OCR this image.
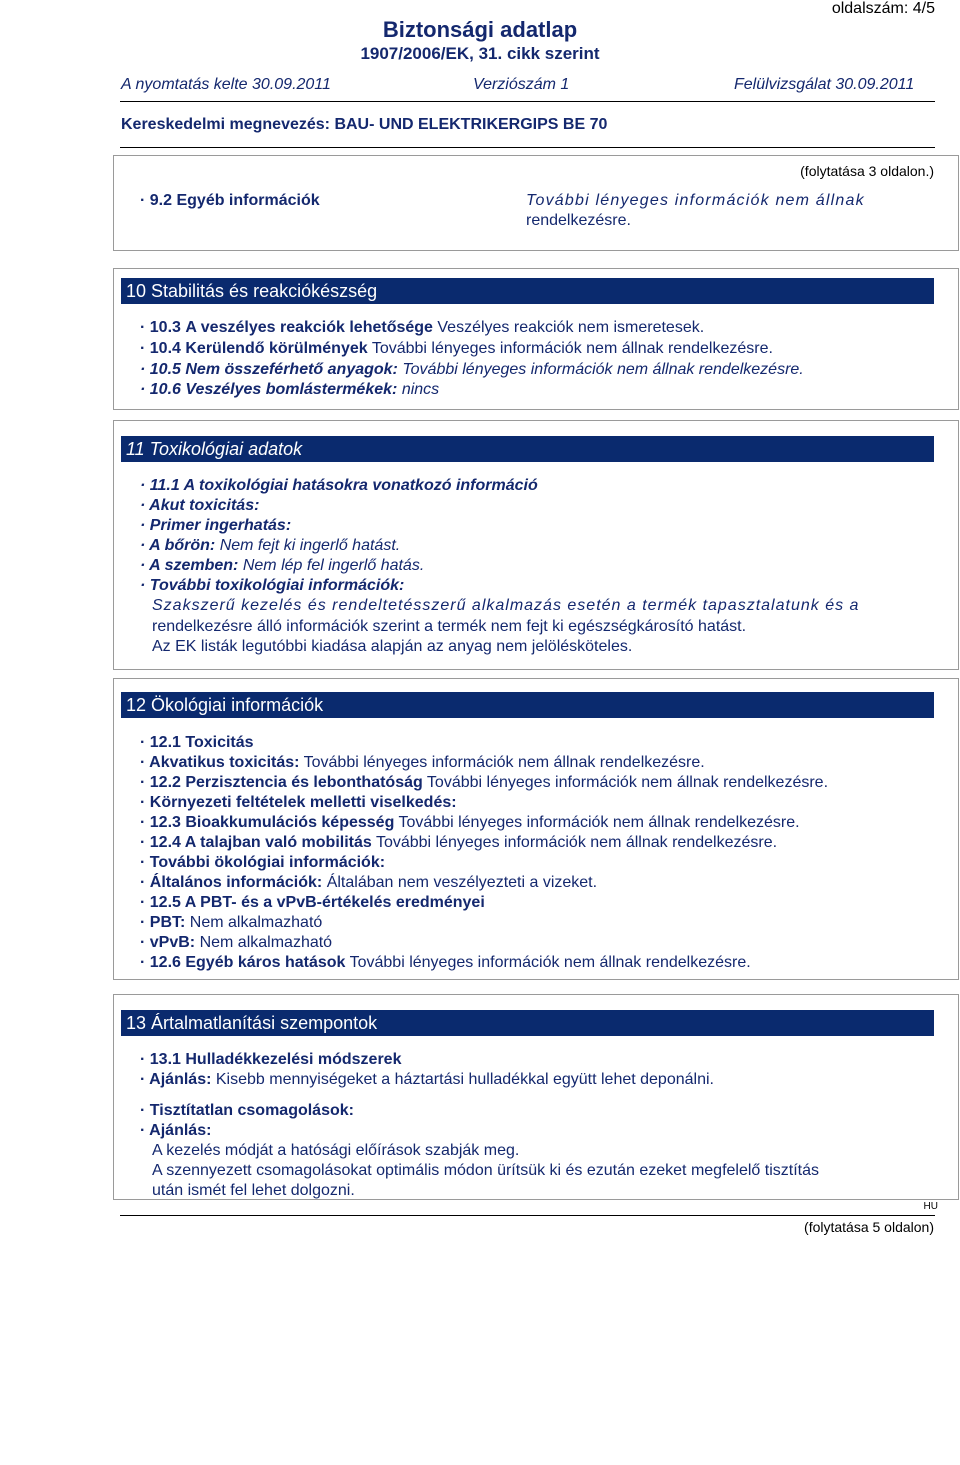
oldalszám: 4/5
Biztonsági adatlap
1907/2006/EK, 31. cikk szerint
A nyomtatás kelte 30.09.2011	Verziószám 1	Felülvizsgálat 30.09.2011
Kereskedelmi megnevezés: BAU- UND ELEKTRIKERGIPS BE 70
(folytatása 3 oldalon.)
· 9.2 Egyéb információk	További lényeges információk nem állnak
rendelkezésre.
10 Stabilitás és reakciókészség
· 10.3 A veszélyes reakciók lehetősége Veszélyes reakciók nem ismeretesek.
· 10.4 Kerülendő körülmények További lényeges információk nem állnak rendelkezésre.
· 10.5 Nem összeférhető anyagok: További lényeges információk nem állnak rendelkezésre.
· 10.6 Veszélyes bomlástermékek: nincs
11 Toxikológiai adatok
· 11.1 A toxikológiai hatásokra vonatkozó információ
· Akut toxicitás:
· Primer ingerhatás:
· A bőrön: Nem fejt ki ingerlő hatást.
· A szemben: Nem lép fel ingerlő hatás.
· További toxikológiai információk:
Szakszerű kezelés és rendeltetésszerű alkalmazás esetén a termék tapasztalatunk és a
rendelkezésre álló információk szerint a termék nem fejt ki egészségkárosító hatást.
Az EK listák legutóbbi kiadása alapján az anyag nem jelölésköteles.
12 Ökológiai információk
· 12.1 Toxicitás
· Akvatikus toxicitás: További lényeges információk nem állnak rendelkezésre.
· 12.2 Perzisztencia és lebonthatóság További lényeges információk nem állnak rendelkezésre.
· Környezeti feltételek melletti viselkedés:
· 12.3 Bioakkumulációs képesség További lényeges információk nem állnak rendelkezésre.
· 12.4 A talajban való mobilitás További lényeges információk nem állnak rendelkezésre.
· További ökológiai információk:
· Általános információk: Általában nem veszélyezteti a vizeket.
· 12.5 A PBT- és a vPvB-értékelés eredményei
· PBT: Nem alkalmazható
· vPvB: Nem alkalmazható
· 12.6 Egyéb káros hatások További lényeges információk nem állnak rendelkezésre.
13 Ártalmatlanítási szempontok
· 13.1 Hulladékkezelési módszerek
· Ajánlás: Kisebb mennyiségeket a háztartási hulladékkal együtt lehet deponálni.
· Tisztítatlan csomagolások:
· Ajánlás:
A kezelés módját a hatósági előírások szabják meg.
A szennyezett csomagolásokat optimális módon ürítsük ki és ezután ezeket megfelelő tisztítás
után ismét fel lehet dolgozni.
HU
(folytatása 5 oldalon)
